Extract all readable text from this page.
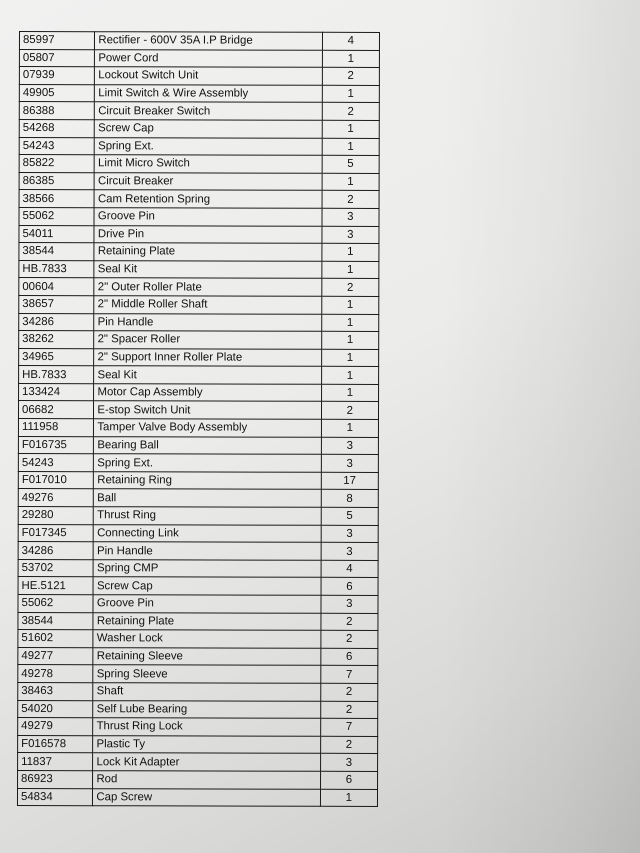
85997	Rectifier - 600V 35A I.P Bridge	4
05807	Power Cord	1
07939	Lockout Switch Unit	2
49905	Limit Switch & Wire Assembly	1
86388	Circuit Breaker Switch	2
54268	Screw Cap	1
54243	Spring Ext.	1
85822	Limit Micro Switch	5
86385	Circuit Breaker	1
38566	Cam Retention Spring	2
55062	Groove Pin	3
54011	Drive Pin	3
38544	Retaining Plate	1
HB.7833	Seal Kit	1
00604	2" Outer Roller Plate	2
38657	2" Middle Roller Shaft	1
34286	Pin Handle	1
38262	2" Spacer Roller	1
34965	2" Support Inner Roller Plate	1
HB.7833	Seal Kit	1
133424	Motor Cap Assembly	1
06682	E-stop Switch Unit	2
111958	Tamper Valve Body Assembly	1
F016735	Bearing Ball	3
54243	Spring Ext.	3
F017010	Retaining Ring	17
49276	Ball	8
29280	Thrust Ring	5
F017345	Connecting Link	3
34286	Pin Handle	3
53702	Spring CMP	4
HE.5121	Screw Cap	6
55062	Groove Pin	3
38544	Retaining Plate	2
51602	Washer Lock	2
49277	Retaining Sleeve	6
49278	Spring Sleeve	7
38463	Shaft	2
54020	Self Lube Bearing	2
49279	Thrust Ring Lock	7
F016578	Plastic Ty	2
11837	Lock Kit Adapter	3
86923	Rod	6
54834	Cap Screw	1
